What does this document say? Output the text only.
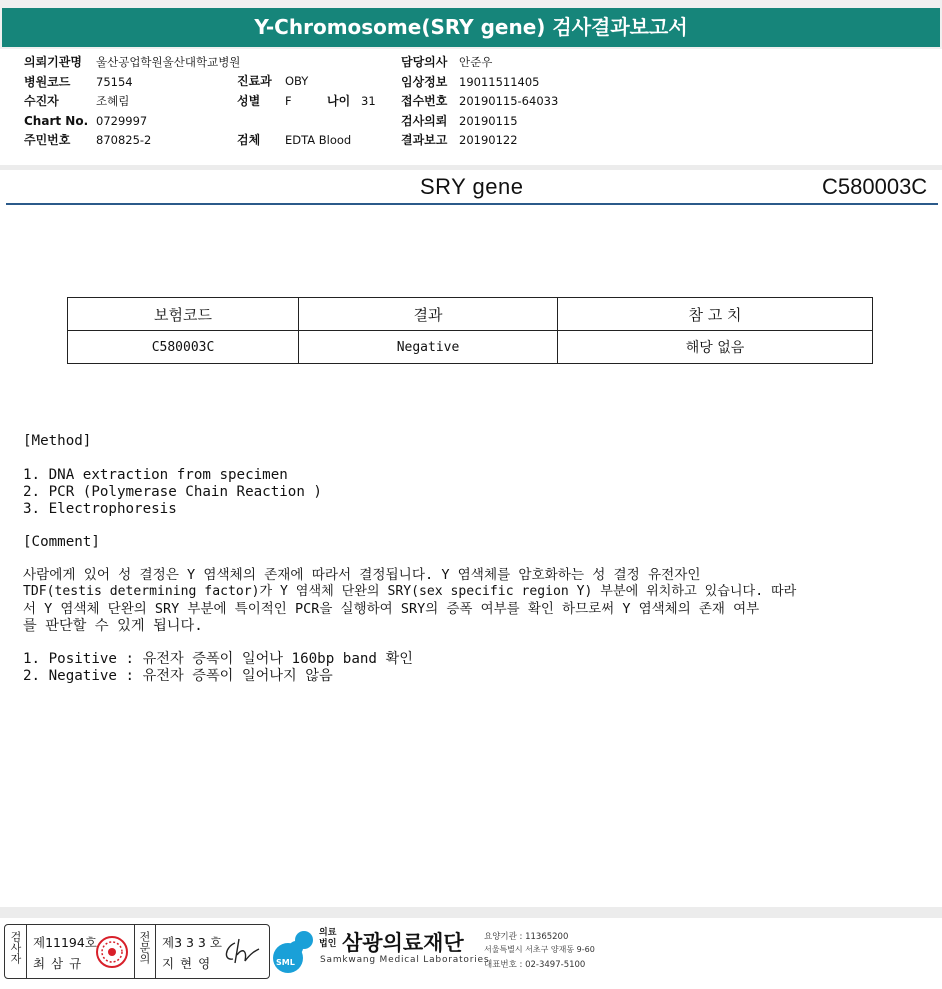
Y-Chromosome(SRY gene) 검사결과보고서
의뢰기관명	울산공업학원울산대학교병원
병원코드	75154
수진자	조혜림
Chart No. 0729997
주민번호	870825-2
진료과	OBY
성별	F	나이 31
검체	EDTA Blood
담당의사	안준우
임상정보	19011511405
접수번호	20190115-64033
검사의뢰	20190115
결과보고	20190122
SRY gene	C580003C
보험코드	결과	참 고 치
C580003C	Negative	해당 없음
[Method]
1. DNA extraction from specimen
2. PCR (Polymerase Chain Reaction )
3. Electrophoresis
[Comment]
사람에게 있어 성 결정은 Y 염색체의 존재에 따라서 결정됩니다. Y 염색체를 암호화하는 성 결정 유전자인
TDF(testis determining factor)가 Y 염색체 단완의 SRY(sex specific region Y) 부분에 위치하고 있습니다. 따라
서 Y 염색체 단완의 SRY 부분에 특이적인 PCR을 실행하여 SRY의 증폭 여부를 확인 하므로써 Y 염색체의 존재 여부
를 판단할 수 있게 됩니다.
1. Positive : 유전자 증폭이 일어나 160bp band 확인
2. Negative : 유전자 증폭이 일어나지 않음
검사자 제11194호
최 삼 규	전문의 제3 3 3 호
지 현 영	SML
의료법인 삼광의료재단
Samkwang Medical Laboratories
요양기관 : 11365200
서울특별시 서초구 양재동 9-60
대표번호 : 02-3497-5100
